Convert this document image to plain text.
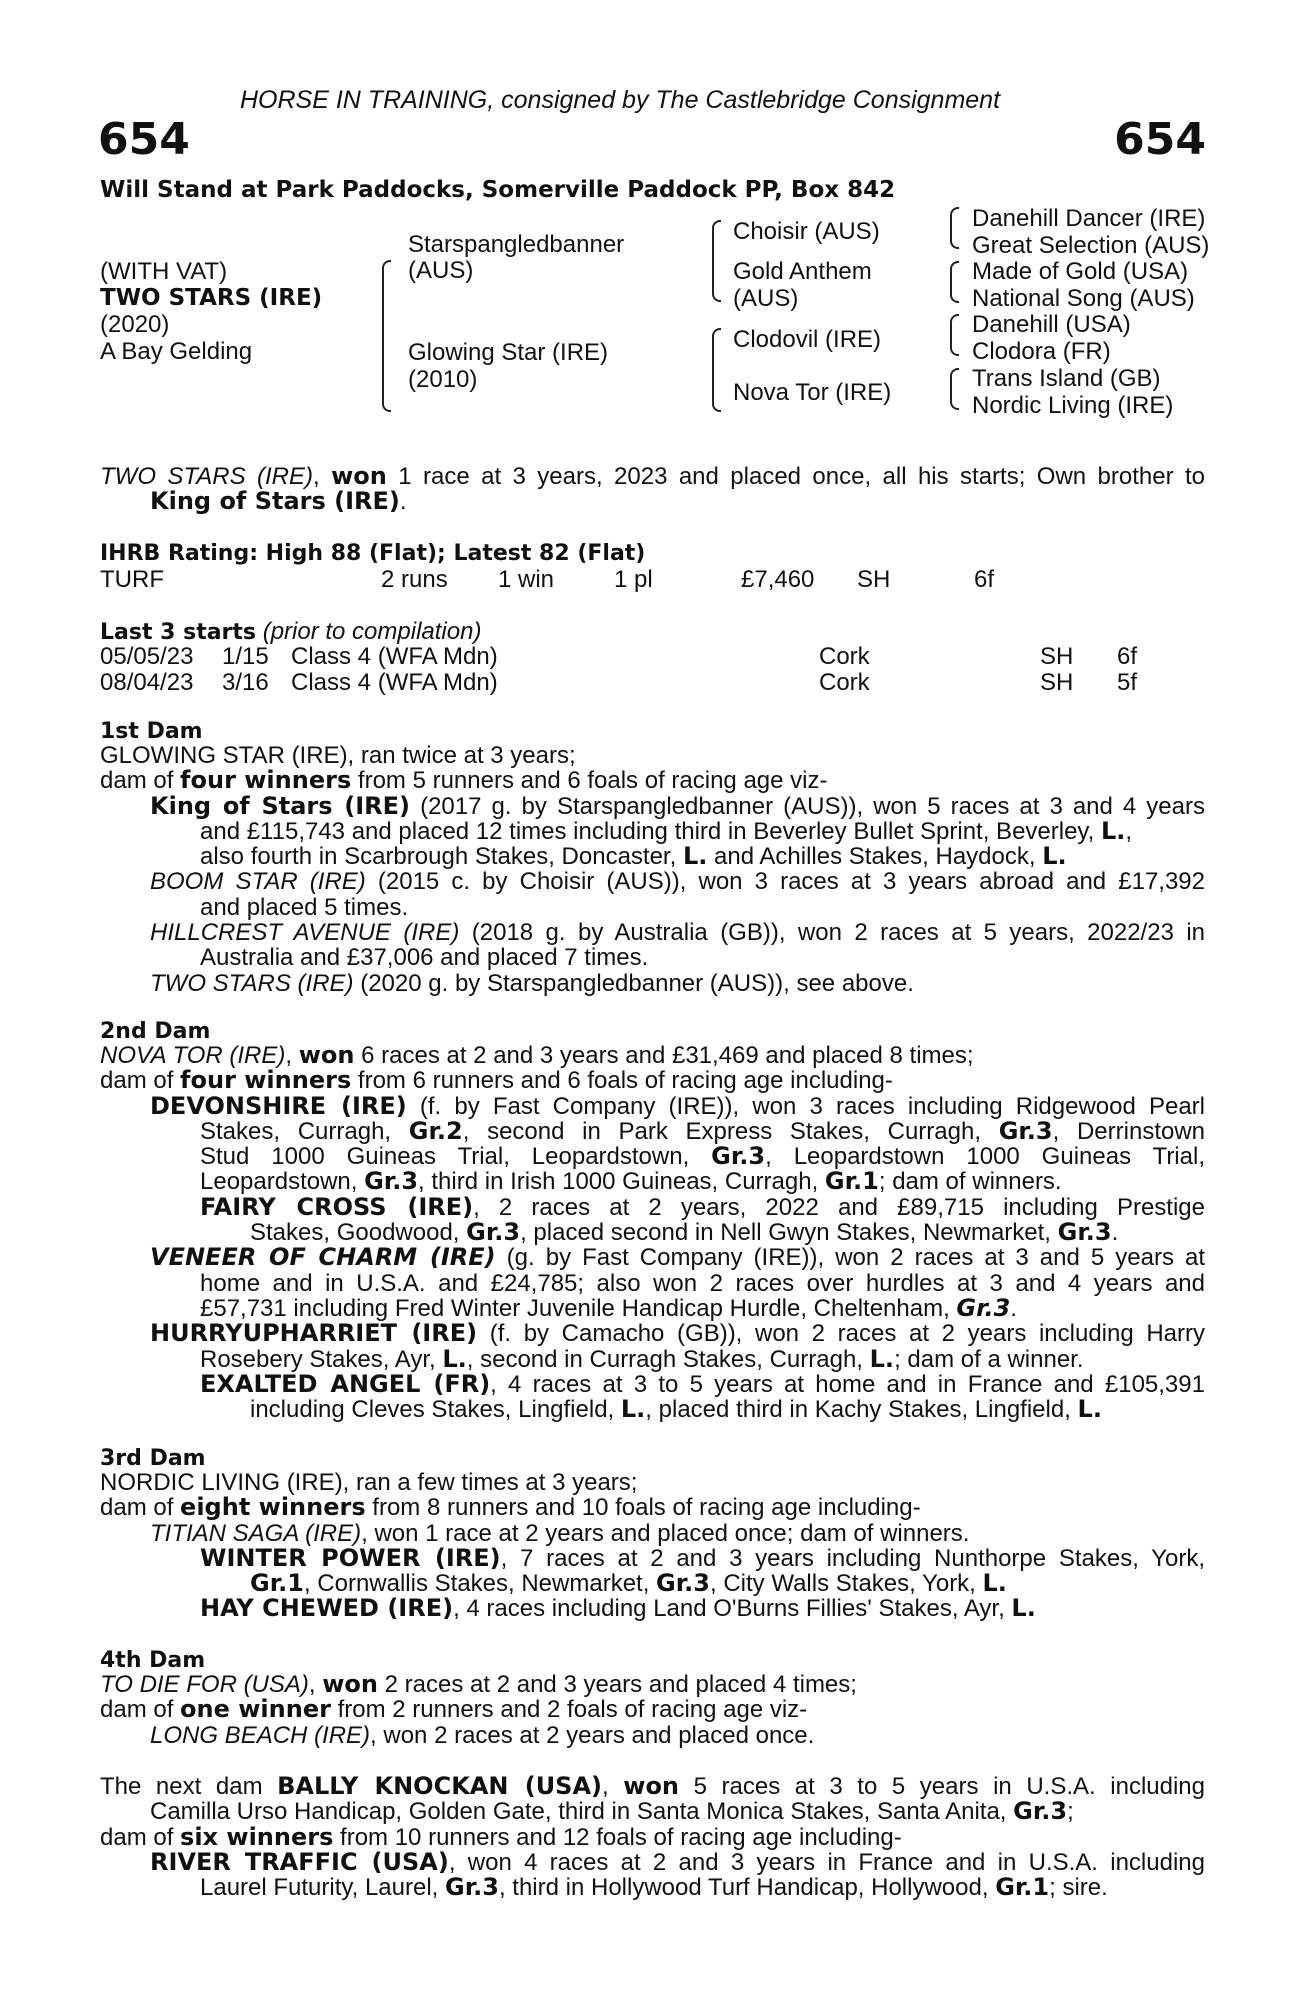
HORSE IN TRAINING, consigned by The Castlebridge Consignment
654	654
Will Stand at Park Paddocks, Somerville Paddock PP, Box 842
(WITH VAT)
TWO STARS (IRE)
(2020)
A Bay Gelding
Starspangledbanner
(AUS)
Glowing Star (IRE)
(2010)
Choisir (AUS)
Gold Anthem
(AUS)
Clodovil (IRE)
Nova Tor (IRE)
Danehill Dancer (IRE)
Great Selection (AUS)
Made of Gold (USA)
National Song (AUS)
Danehill (USA)
Clodora (FR)
Trans Island (GB)
Nordic Living (IRE)
TWO STARS (IRE), won 1 race at 3 years, 2023 and placed once, all his starts; Own brother to
King of Stars (IRE).
IHRB Rating: High 88 (Flat); Latest 82 (Flat)
TURF	2 runs 1 win 1 pl	£7,460 SH	6f
Last 3 starts (prior to compilation)
05/05/23 1/15 Class 4 (WFA Mdn)	Cork	SH 6f
08/04/23 3/16 Class 4 (WFA Mdn)	Cork	SH 5f
1st Dam
GLOWING STAR (IRE), ran twice at 3 years;
dam of four winners from 5 runners and 6 foals of racing age viz-
King of Stars (IRE) (2017 g. by Starspangledbanner (AUS)), won 5 races at 3 and 4 years
and £115,743 and placed 12 times including third in Beverley Bullet Sprint, Beverley, L.,
also fourth in Scarbrough Stakes, Doncaster, L. and Achilles Stakes, Haydock, L.
BOOM STAR (IRE) (2015 c. by Choisir (AUS)), won 3 races at 3 years abroad and £17,392
and placed 5 times.
HILLCREST AVENUE (IRE) (2018 g. by Australia (GB)), won 2 races at 5 years, 2022/23 in
Australia and £37,006 and placed 7 times.
TWO STARS (IRE) (2020 g. by Starspangledbanner (AUS)), see above.
2nd Dam
NOVA TOR (IRE), won 6 races at 2 and 3 years and £31,469 and placed 8 times;
dam of four winners from 6 runners and 6 foals of racing age including-
DEVONSHIRE (IRE) (f. by Fast Company (IRE)), won 3 races including Ridgewood Pearl
Stakes, Curragh, Gr.2, second in Park Express Stakes, Curragh, Gr.3, Derrinstown
Stud 1000 Guineas Trial, Leopardstown, Gr.3, Leopardstown 1000 Guineas Trial,
Leopardstown, Gr.3, third in Irish 1000 Guineas, Curragh, Gr.1; dam of winners.
FAIRY CROSS (IRE), 2 races at 2 years, 2022 and £89,715 including Prestige
Stakes, Goodwood, Gr.3, placed second in Nell Gwyn Stakes, Newmarket, Gr.3.
VENEER OF CHARM (IRE) (g. by Fast Company (IRE)), won 2 races at 3 and 5 years at
home and in U.S.A. and £24,785; also won 2 races over hurdles at 3 and 4 years and
£57,731 including Fred Winter Juvenile Handicap Hurdle, Cheltenham, Gr.3.
HURRYUPHARRIET (IRE) (f. by Camacho (GB)), won 2 races at 2 years including Harry
Rosebery Stakes, Ayr, L., second in Curragh Stakes, Curragh, L.; dam of a winner.
EXALTED ANGEL (FR), 4 races at 3 to 5 years at home and in France and £105,391
including Cleves Stakes, Lingfield, L., placed third in Kachy Stakes, Lingfield, L.
3rd Dam
NORDIC LIVING (IRE), ran a few times at 3 years;
dam of eight winners from 8 runners and 10 foals of racing age including-
TITIAN SAGA (IRE), won 1 race at 2 years and placed once; dam of winners.
WINTER POWER (IRE), 7 races at 2 and 3 years including Nunthorpe Stakes, York,
Gr.1, Cornwallis Stakes, Newmarket, Gr.3, City Walls Stakes, York, L.
HAY CHEWED (IRE), 4 races including Land O'Burns Fillies' Stakes, Ayr, L.
4th Dam
TO DIE FOR (USA), won 2 races at 2 and 3 years and placed 4 times;
dam of one winner from 2 runners and 2 foals of racing age viz-
LONG BEACH (IRE), won 2 races at 2 years and placed once.
The next dam BALLY KNOCKAN (USA), won 5 races at 3 to 5 years in U.S.A. including
Camilla Urso Handicap, Golden Gate, third in Santa Monica Stakes, Santa Anita, Gr.3;
dam of six winners from 10 runners and 12 foals of racing age including-
RIVER TRAFFIC (USA), won 4 races at 2 and 3 years in France and in U.S.A. including
Laurel Futurity, Laurel, Gr.3, third in Hollywood Turf Handicap, Hollywood, Gr.1; sire.
